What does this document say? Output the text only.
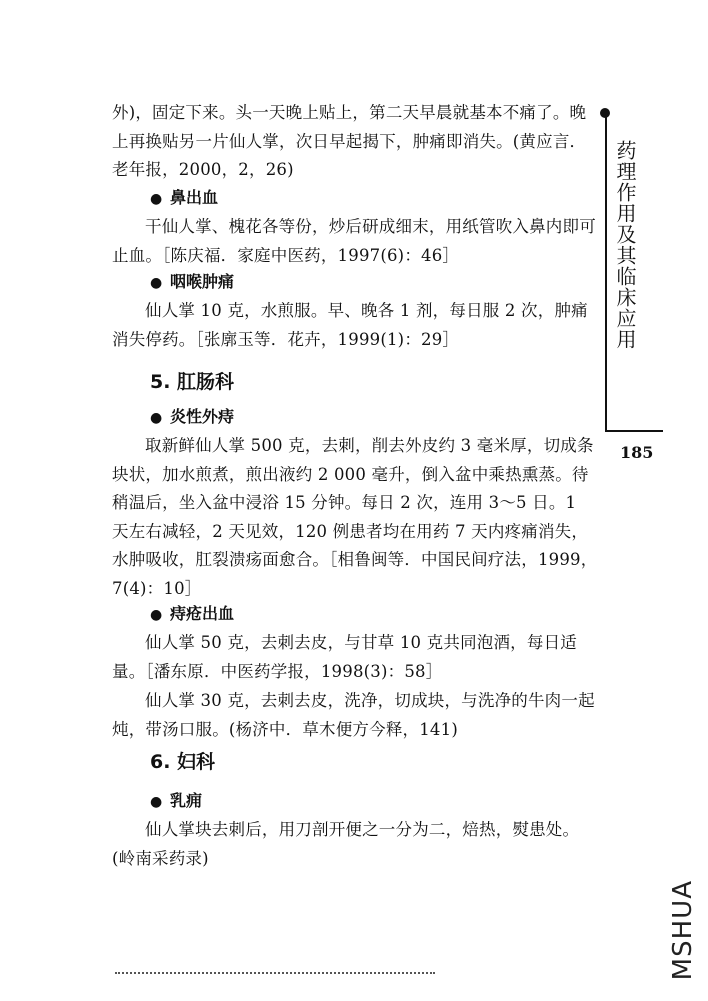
外)，固定下来。头一天晚上贴上，第二天早晨就基本不痛了。晚上再换贴另一片仙人掌，次日早起揭下，肿痛即消失。(黄应言．老年报，2000，2，26)
● 鼻出血
干仙人掌、槐花各等份，炒后研成细末，用纸管吹入鼻内即可止血。［陈庆福．家庭中医药，1997(6)：46］
● 咽喉肿痛
仙人掌 10 克，水煎服。早、晚各 1 剂，每日服 2 次，肿痛消失停药。［张廓玉等．花卉，1999(1)：29］
5. 肛肠科
● 炎性外痔
取新鲜仙人掌 500 克，去刺，削去外皮约 3 毫米厚，切成条块状，加水煎煮，煎出液约 2 000 毫升，倒入盆中乘热熏蒸。待稍温后，坐入盆中浸浴 15 分钟。每日 2 次，连用 3～5 日。1 天左右减轻，2 天见效，120 例患者均在用药 7 天内疼痛消失，水肿吸收，肛裂溃疡面愈合。［相鲁闽等．中国民间疗法，1999，7(4)：10］
● 痔疮出血
仙人掌 50 克，去刺去皮，与甘草 10 克共同泡酒，每日适量。［潘东原．中医药学报，1998(3)：58］
仙人掌 30 克，去刺去皮，洗净，切成块，与洗净的牛肉一起炖，带汤口服。(杨济中．草木便方今释，141)
6. 妇科
● 乳痈
仙人掌块去刺后，用刀剖开便之一分为二，焙热，熨患处。(岭南采药录)
药理作用及其临床应用
185
MSHUA
